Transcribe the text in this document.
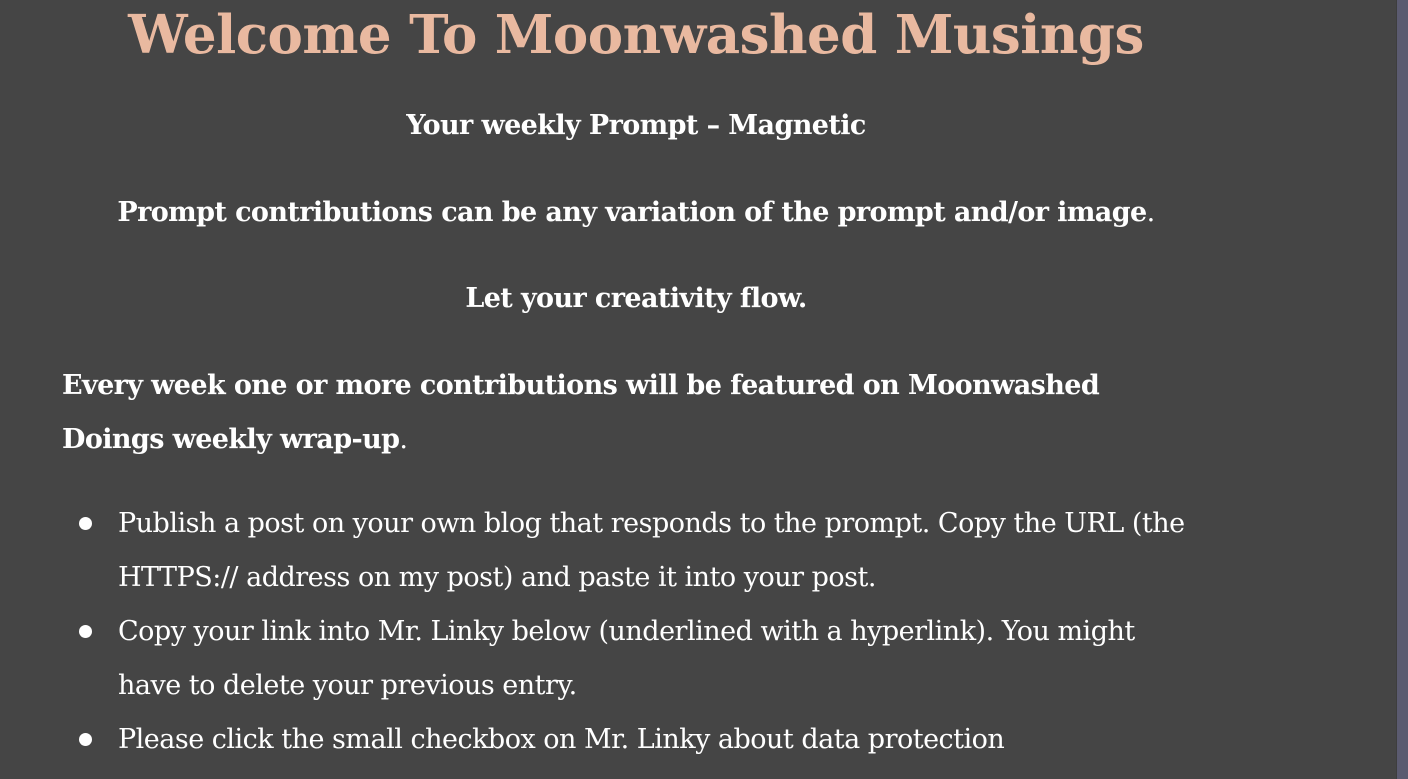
Welcome To Moonwashed Musings

Your weekly Prompt – Magnetic

Prompt contributions can be any variation of the prompt and/or image.

Let your creativity flow.

Every week one or more contributions will be featured on Moonwashed Doings weekly wrap-up.

Publish a post on your own blog that responds to the prompt. Copy the URL (the HTTPS:// address on my post) and paste it into your post.
Copy your link into Mr. Linky below (underlined with a hyperlink). You might have to delete your previous entry.
Please click the small checkbox on Mr. Linky about data protection
